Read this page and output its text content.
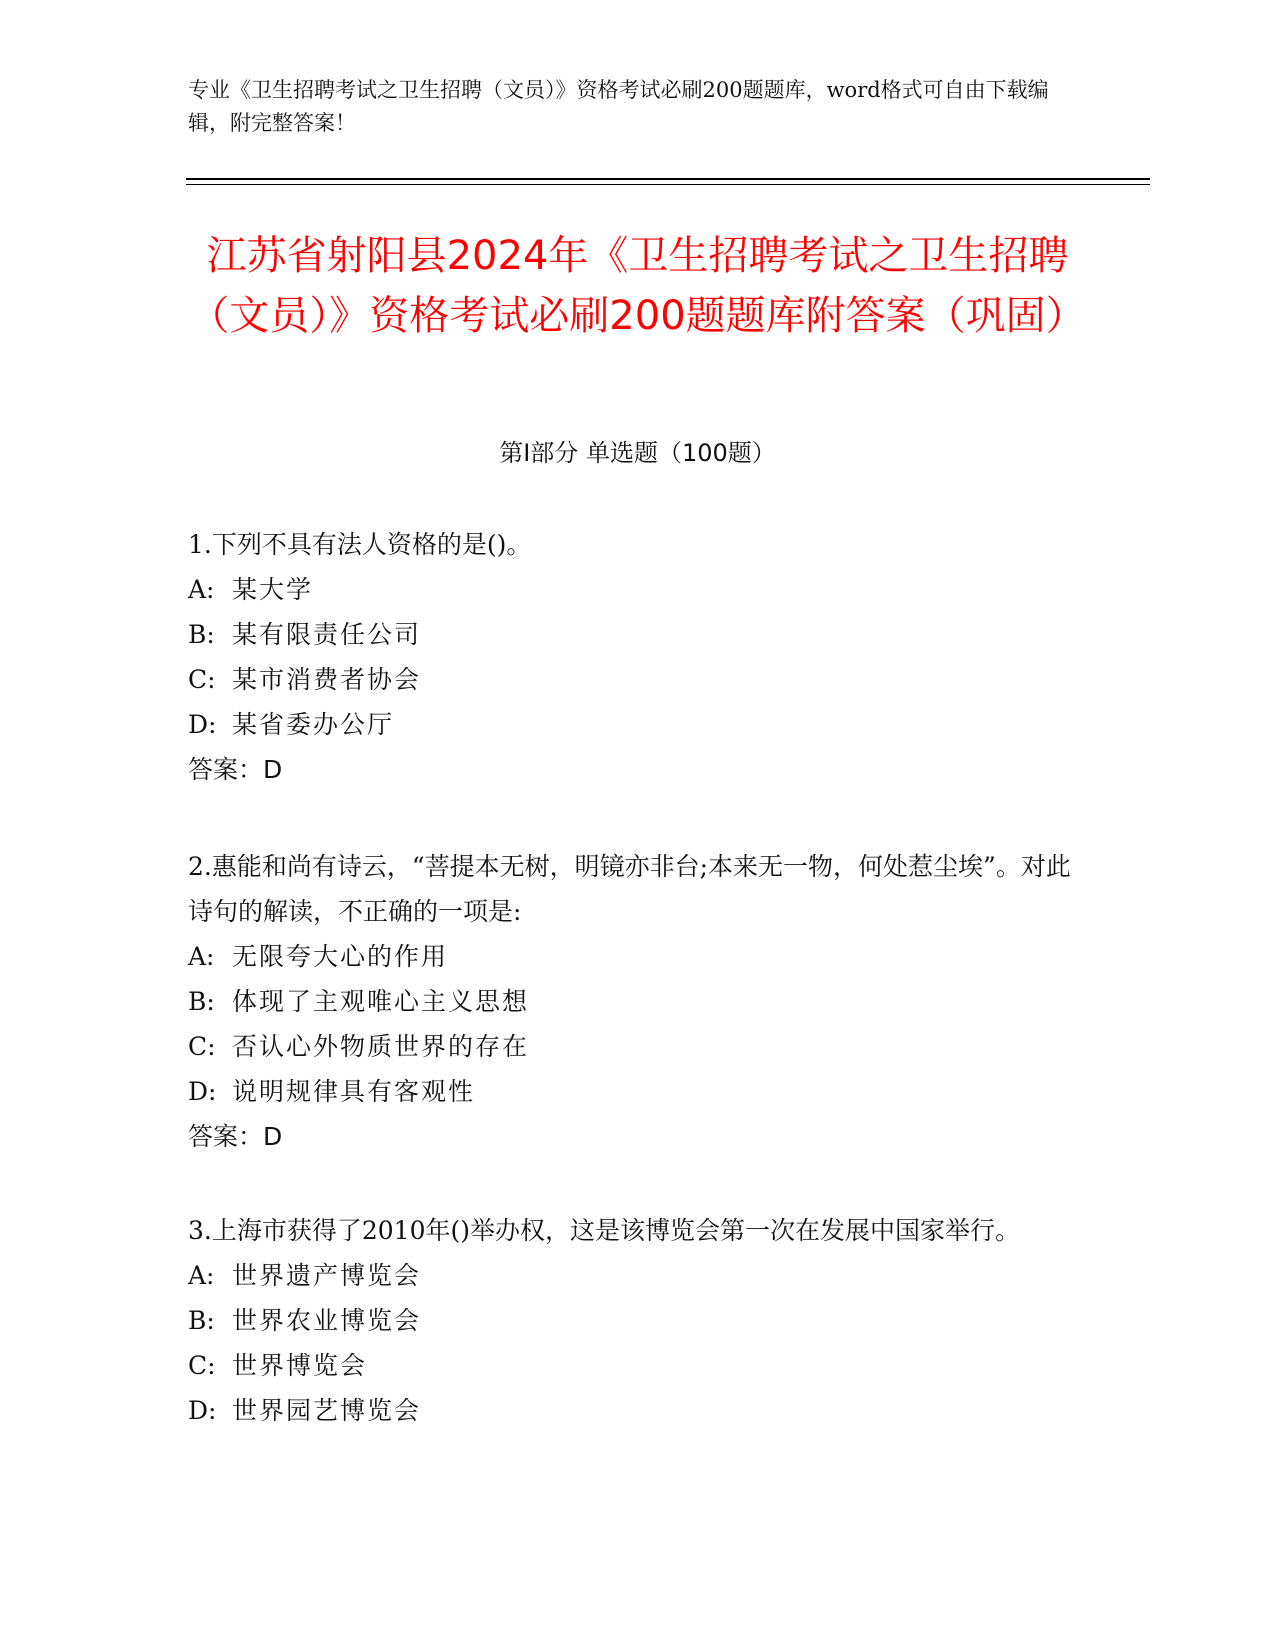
专业《卫生招聘考试之卫生招聘（文员）》资格考试必刷200题题库，word格式可自由下载编辑，附完整答案！
江苏省射阳县2024年《卫生招聘考试之卫生招聘（文员）》资格考试必刷200题题库附答案（巩固）
第I部分 单选题（100题）

1.下列不具有法人资格的是()。

A: 某大学

B: 某有限责任公司

C: 某市消费者协会

D: 某省委办公厅

答案：D

2.惠能和尚有诗云，“菩提本无树，明镜亦非台;本来无一物，何处惹尘埃”。对此诗句的解读，不正确的一项是:

A: 无限夸大心的作用

B: 体现了主观唯心主义思想

C: 否认心外物质世界的存在

D: 说明规律具有客观性

答案：D

3.上海市获得了2010年()举办权，这是该博览会第一次在发展中国家举行。

A: 世界遗产博览会

B: 世界农业博览会

C: 世界博览会

D: 世界园艺博览会
